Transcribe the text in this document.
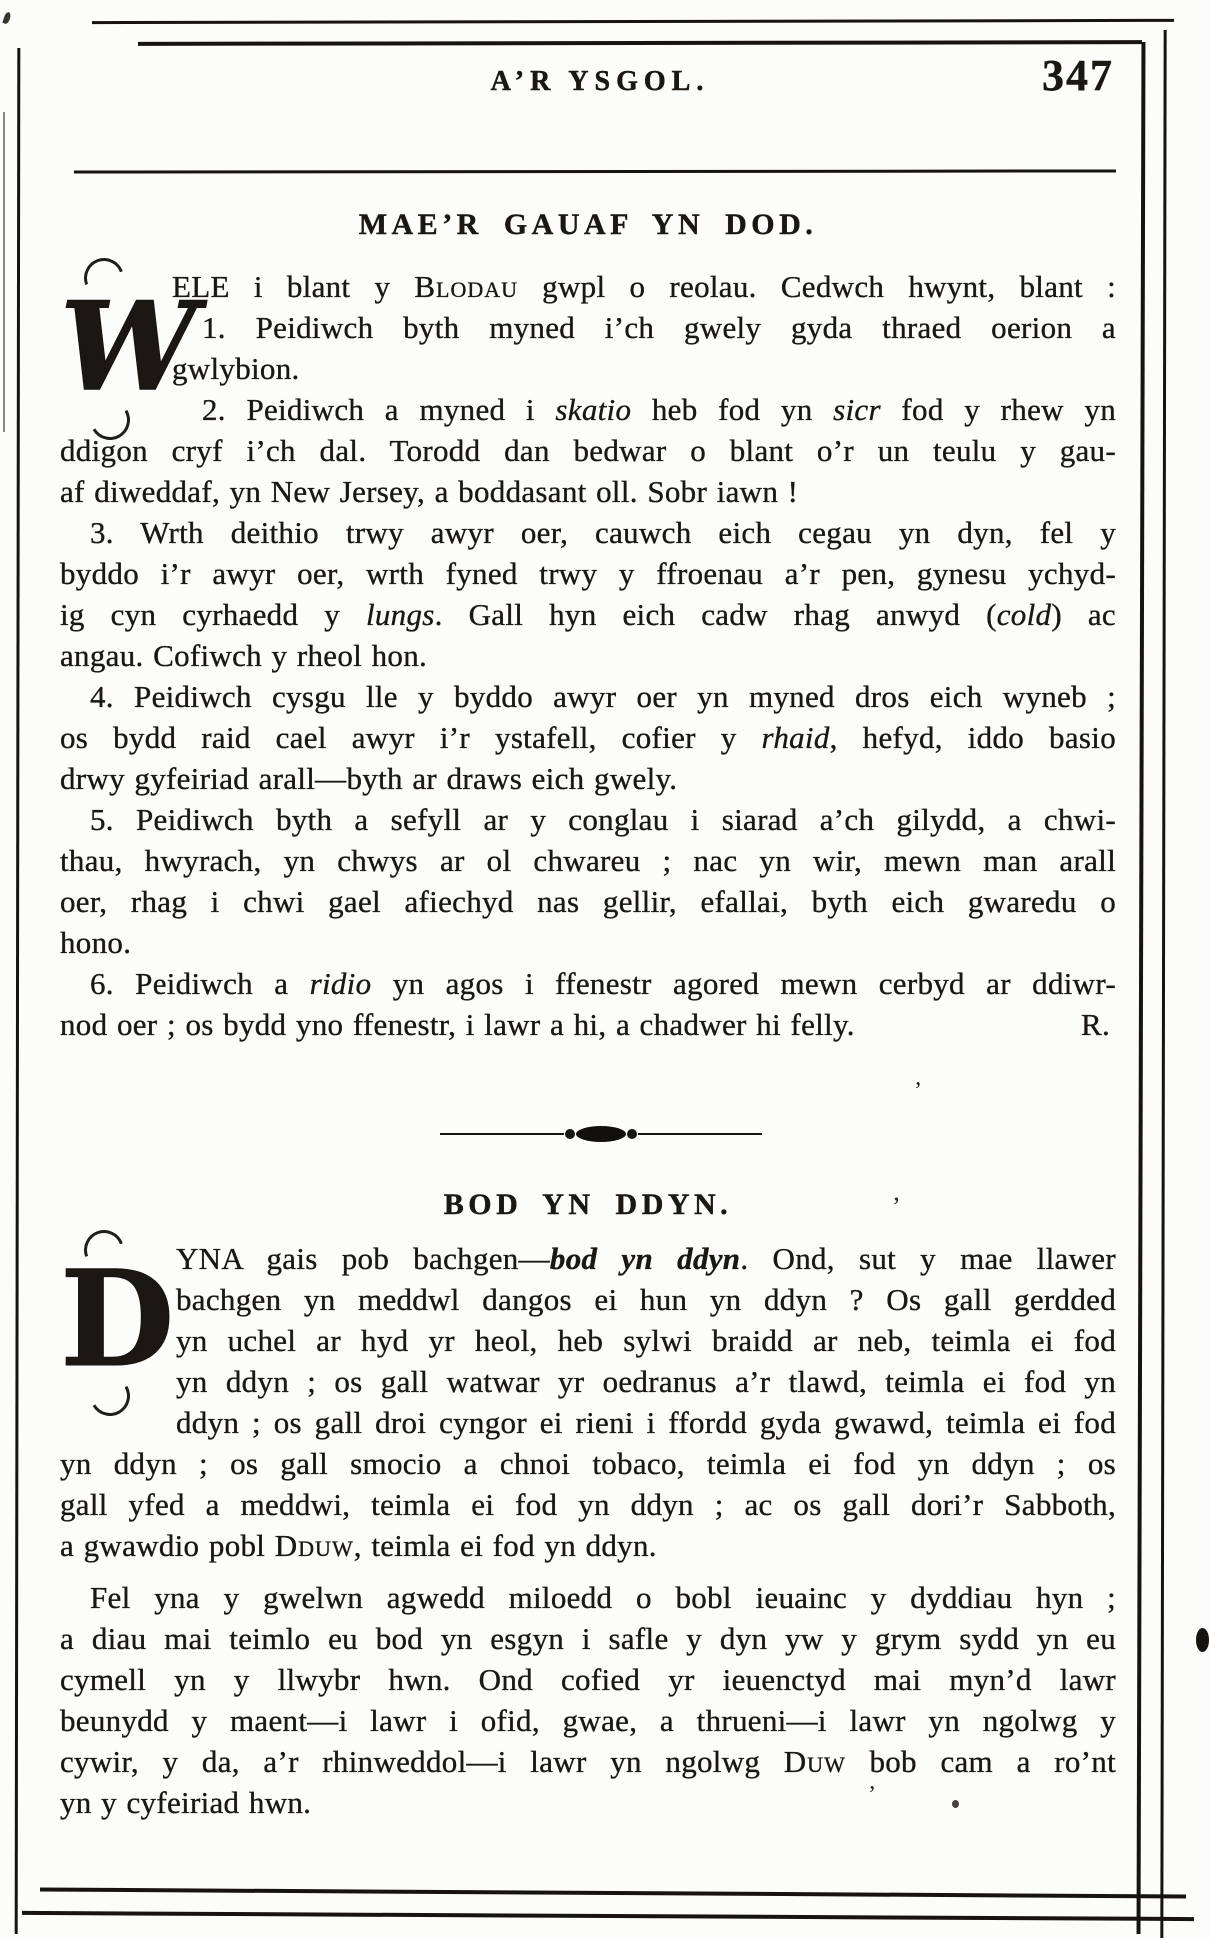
A’R YSGOL.	347
MAE’R GAUAF YN DOD.
W
ELE i blant y Blodau gwpl o reolau. Cedwch hwynt, blant :
1. Peidiwch byth myned i’ch gwely gyda thraed oerion a
gwlybion.
2. Peidiwch a myned i skatio heb fod yn sicr fod y rhew yn
ddigon cryf i’ch dal. Torodd dan bedwar o blant o’r un teulu y gau-
af diweddaf, yn New Jersey, a boddasant oll. Sobr iawn !
3. Wrth deithio trwy awyr oer, cauwch eich cegau yn dyn, fel y
byddo i’r awyr oer, wrth fyned trwy y ffroenau a’r pen, gynesu ychyd-
ig cyn cyrhaedd y lungs. Gall hyn eich cadw rhag anwyd (cold) ac
angau. Cofiwch y rheol hon.
4. Peidiwch cysgu lle y byddo awyr oer yn myned dros eich wyneb ;
os bydd raid cael awyr i’r ystafell, cofier y rhaid, hefyd, iddo basio
drwy gyfeiriad arall—byth ar draws eich gwely.
5. Peidiwch byth a sefyll ar y conglau i siarad a’ch gilydd, a chwi-
thau, hwyrach, yn chwys ar ol chwareu ; nac yn wir, mewn man arall
oer, rhag i chwi gael afiechyd nas gellir, efallai, byth eich gwaredu o
hono.
6. Peidiwch a ridio yn agos i ffenestr agored mewn cerbyd ar ddiwr-
nod oer ; os bydd yno ffenestr, i lawr a hi, a chadwer hi felly.	R.
BOD YN DDYN.
D YNA gais pob bachgen—bod yn ddyn. Ond, sut y mae llawer
bachgen yn meddwl dangos ei hun yn ddyn ? Os gall gerdded
yn uchel ar hyd yr heol, heb sylwi braidd ar neb, teimla ei fod
yn ddyn ; os gall watwar yr oedranus a’r tlawd, teimla ei fod yn
ddyn ; os gall droi cyngor ei rieni i ffordd gyda gwawd, teimla ei fod
yn ddyn ; os gall smocio a chnoi tobaco, teimla ei fod yn ddyn ; os
gall yfed a meddwi, teimla ei fod yn ddyn ; ac os gall dori’r Sabboth,
a gwawdio pobl Dduw, teimla ei fod yn ddyn.
Fel yna y gwelwn agwedd miloedd o bobl ieuainc y dyddiau hyn ;
a diau mai teimlo eu bod yn esgyn i safle y dyn yw y grym sydd yn eu
cymell yn y llwybr hwn. Ond cofied yr ieuenctyd mai myn’d lawr
beunydd y maent—i lawr i ofid, gwae, a thrueni—i lawr yn ngolwg y
cywir, y da, a’r rhinweddol—i lawr yn ngolwg Duw bob cam a ro’nt
yn y cyfeiriad hwn.
’
’
’
